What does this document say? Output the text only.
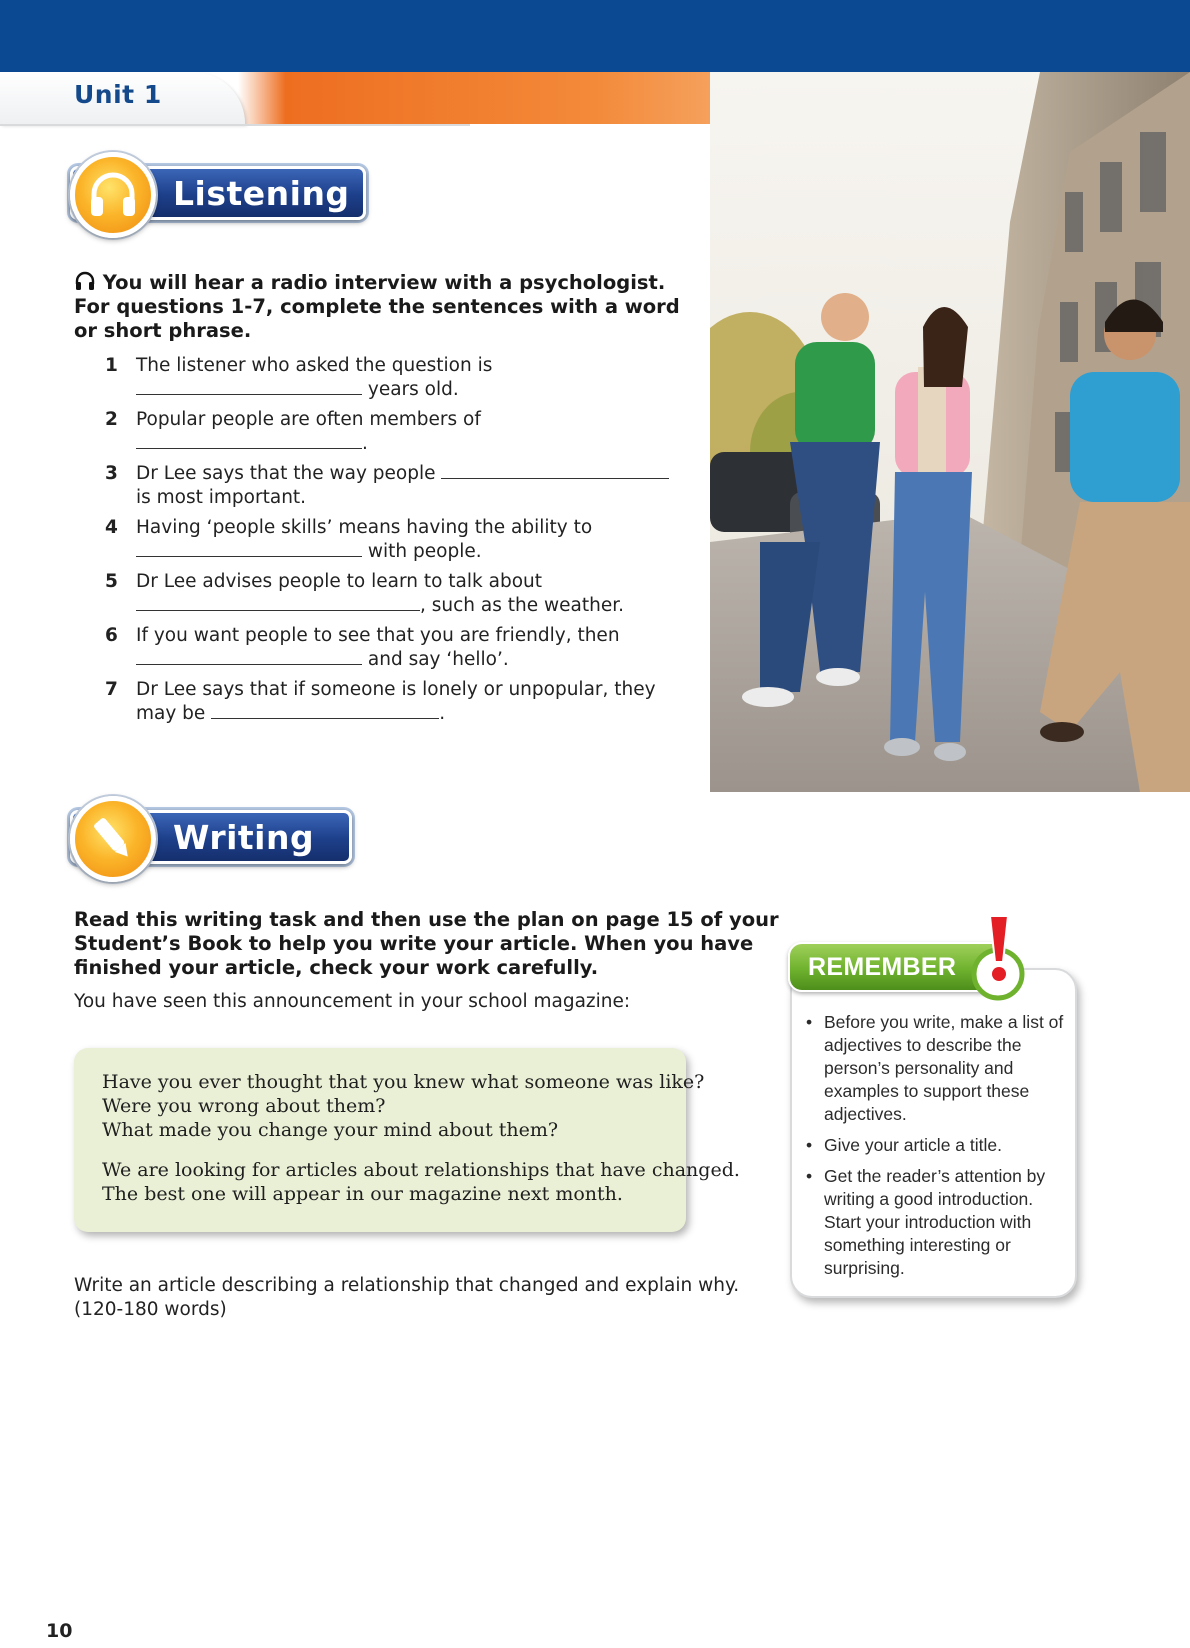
Unit 1
Listening
You will hear a radio interview with a psychologist.
For questions 1-7, complete the sentences with a word
or short phrase.
1 The listener who asked the question is
years old.
2 Popular people are often members of
.
3 Dr Lee says that the way people
is most important.
4 Having ‘people skills’ means having the ability to
with people.
5 Dr Lee advises people to learn to talk about
, such as the weather.
6 If you want people to see that you are friendly, then
and say ‘hello’.
7 Dr Lee says that if someone is lonely or unpopular, they
may be	.
Writing
Read this writing task and then use the plan on page 15 of your
Student’s Book to help you write your article. When you have
finished your article, check your work carefully.
You have seen this announcement in your school magazine:

Have you ever thought that you knew what someone was like?

Were you wrong about them?

What made you change your mind about them?

We are looking for articles about relationships that have changed.

The best one will appear in our magazine next month.

Write an article describing a relationship that changed and explain why.
(120-180 words)
REMEMBER
• Before you write, make a list of adjectives to describe the person’s personality and examples to support these adjectives.
• Give your article a title.
• Get the reader’s attention by writing a good introduction. Start your introduction with something interesting or surprising.
10
